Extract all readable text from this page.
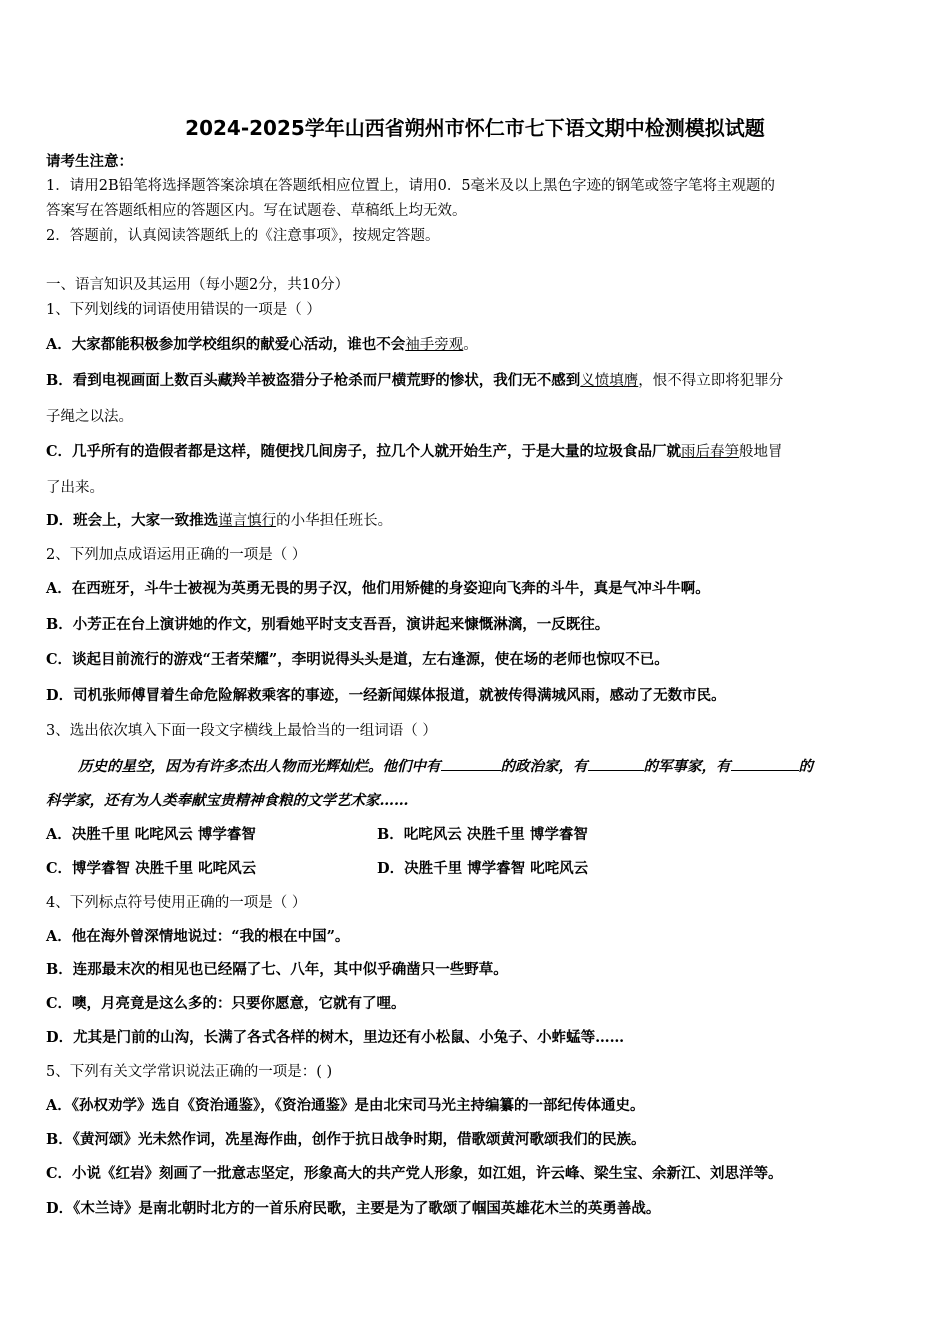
2024-2025学年山西省朔州市怀仁市七下语文期中检测模拟试题
请考生注意：
1．请用2B铅笔将选择题答案涂填在答题纸相应位置上，请用0．5毫米及以上黑色字迹的钢笔或签字笔将主观题的
答案写在答题纸相应的答题区内。写在试题卷、草稿纸上均无效。
2．答题前，认真阅读答题纸上的《注意事项》，按规定答题。
一、语言知识及其运用（每小题2分，共10分）
1、下列划线的词语使用错误的一项是（ ）
A．大家都能积极参加学校组织的献爱心活动，谁也不会袖手旁观。
B．看到电视画面上数百头藏羚羊被盗猎分子枪杀而尸横荒野的惨状，我们无不感到义愤填膺，恨不得立即将犯罪分
子绳之以法。
C．几乎所有的造假者都是这样，随便找几间房子，拉几个人就开始生产，于是大量的垃圾食品厂就雨后春笋般地冒
了出来。
D．班会上，大家一致推选谨言慎行的小华担任班长。
2、下列加点成语运用正确的一项是（ ）
A．在西班牙，斗牛士被视为英勇无畏的男子汉，他们用矫健的身姿迎向飞奔的斗牛，真是气冲斗牛啊。
B．小芳正在台上演讲她的作文，别看她平时支支吾吾，演讲起来慷慨淋漓，一反既往。
C．谈起目前流行的游戏“王者荣耀”，李明说得头头是道，左右逢源，使在场的老师也惊叹不已。
D．司机张师傅冒着生命危险解救乘客的事迹，一经新闻媒体报道，就被传得满城风雨，感动了无数市民。
3、选出依次填入下面一段文字横线上最恰当的一组词语（ ）
历史的星空，因为有许多杰出人物而光辉灿烂。他们中有	的政治家，有	的军事家，有	的
科学家，还有为人类奉献宝贵精神食粮的文学艺术家……
A．决胜千里 叱咤风云 博学睿智	B．叱咤风云 决胜千里 博学睿智
C．博学睿智 决胜千里 叱咤风云	D．决胜千里 博学睿智 叱咤风云
4、下列标点符号使用正确的一项是（ ）
A．他在海外曾深情地说过：“我的根在中国”。
B．连那最末次的相见也已经隔了七、八年，其中似乎确凿只一些野草。
C．噢，月亮竟是这么多的：只要你愿意，它就有了哩。
D．尤其是门前的山沟，长满了各式各样的树木，里边还有小松鼠、小兔子、小蚱蜢等……
5、下列有关文学常识说法正确的一项是：( )
A．《孙权劝学》选自《资治通鉴》，《资治通鉴》是由北宋司马光主持编纂的一部纪传体通史。
B．《黄河颂》光未然作词，冼星海作曲，创作于抗日战争时期，借歌颂黄河歌颂我们的民族。
C．小说《红岩》刻画了一批意志坚定，形象高大的共产党人形象，如江姐，许云峰、梁生宝、余新江、刘思洋等。
D．《木兰诗》是南北朝时北方的一首乐府民歌，主要是为了歌颂了帼国英雄花木兰的英勇善战。
